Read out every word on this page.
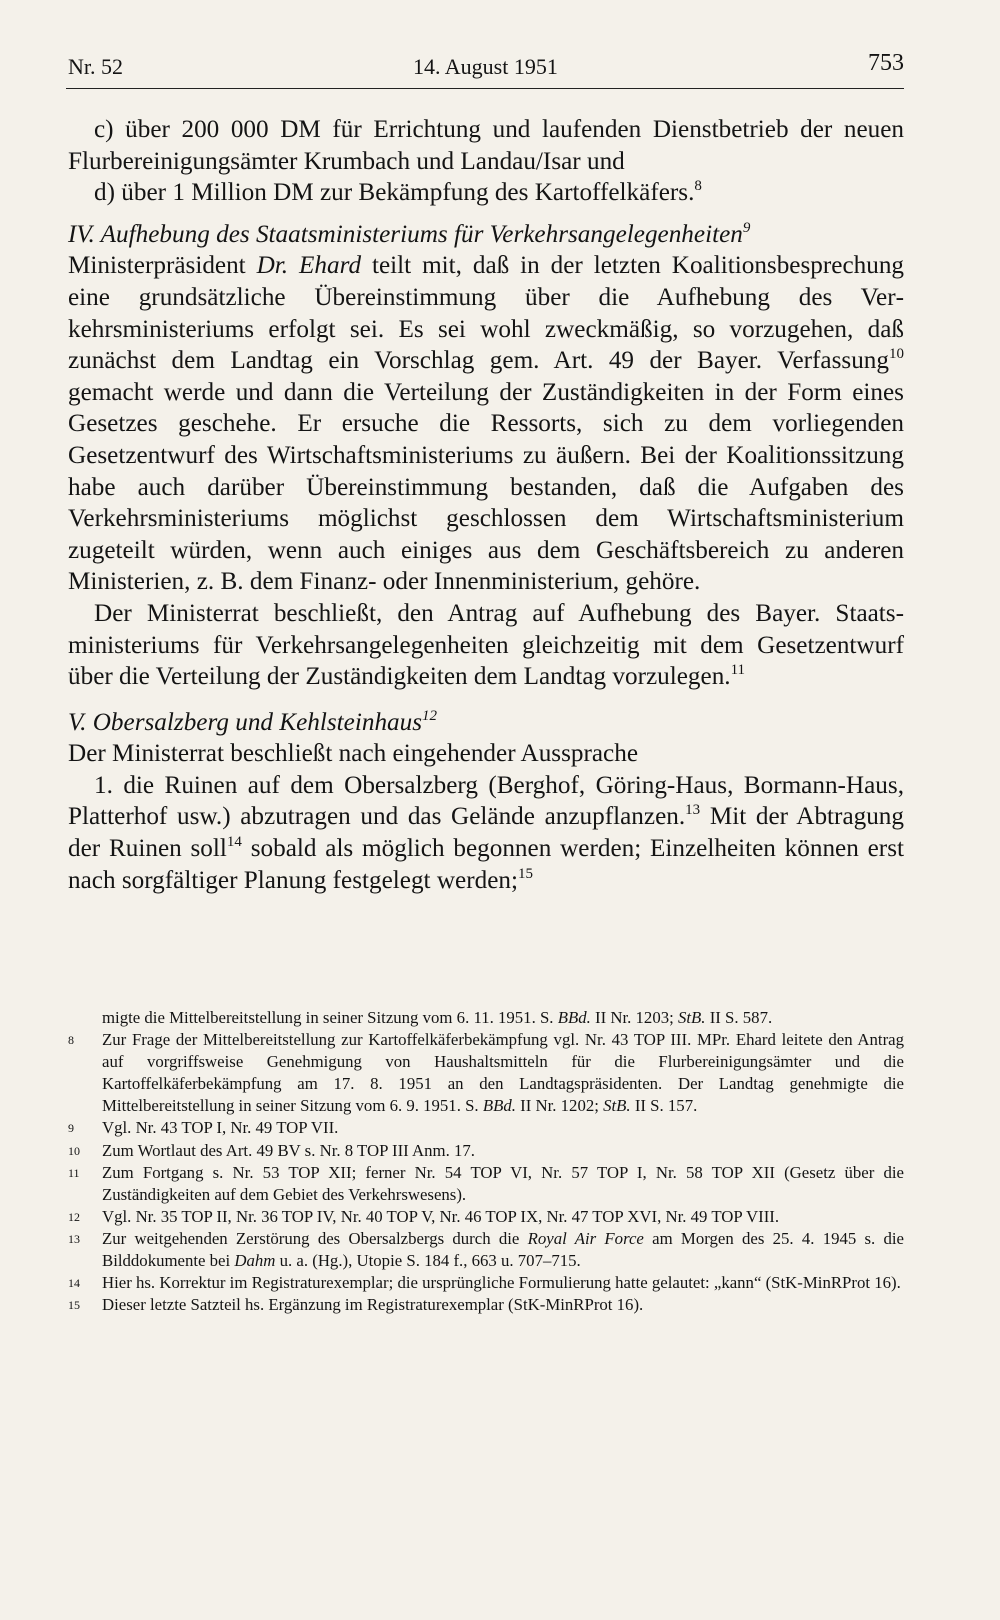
Nr. 52	14. August 1951	753

c) über 200 000 DM für Errichtung und laufenden Dienstbetrieb der neuen Flurbereinigungsämter Krumbach und Landau/Isar und

d) über 1 Million DM zur Bekämpfung des Kartoffelkäfers.$^8$

IV. Aufhebung des Staatsministeriums für Verkehrsangelegenheiten$^9$

Ministerpräsident Dr. Ehard teilt mit, daß in der letzten Koalitionsbesprechung eine grundsätzliche Übereinstimmung über die Aufhebung des Verkehrsministeriums erfolgt sei. Es sei wohl zweckmäßig, so vorzugehen, daß zunächst dem Landtag ein Vorschlag gem. Art. 49 der Bayer. Verfassung$^{10}$ gemacht werde und dann die Verteilung der Zuständigkeiten in der Form eines Gesetzes geschehe. Er ersuche die Ressorts, sich zu dem vorliegenden Gesetzentwurf des Wirtschaftsministeriums zu äußern. Bei der Koalitionssitzung habe auch darüber Übereinstimmung bestanden, daß die Aufgaben des Verkehrsministeriums möglichst geschlossen dem Wirtschaftsministerium zugeteilt würden, wenn auch einiges aus dem Geschäftsbereich zu anderen Ministerien, z. B. dem Finanz- oder Innenministerium, gehöre.

Der Ministerrat beschließt, den Antrag auf Aufhebung des Bayer. Staatsministeriums für Verkehrsangelegenheiten gleichzeitig mit dem Gesetzentwurf über die Verteilung der Zuständigkeiten dem Landtag vorzulegen.$^{11}$

V. Obersalzberg und Kehlsteinhaus$^{12}$

Der Ministerrat beschließt nach eingehender Aussprache

1. die Ruinen auf dem Obersalzberg (Berghof, Göring-Haus, Bormann-Haus, Platterhof usw.) abzutragen und das Gelände anzupflanzen.$^{13}$ Mit der Abtragung der Ruinen soll$^{14}$ sobald als möglich begonnen werden; Einzelheiten können erst nach sorgfältiger Planung festgelegt werden;$^{15}$

migte die Mittelbereitstellung in seiner Sitzung vom 6. 11. 1951. S. BBd. II Nr. 1203; StB. II S. 587.

8	Zur Frage der Mittelbereitstellung zur Kartoffelkäferbekämpfung vgl. Nr. 43 TOP III. MPr. Ehard leitete den Antrag auf vorgriffsweise Genehmigung von Haushaltsmitteln für die Flurbereinigungsämter und die Kartoffelkäferbekämpfung am 17. 8. 1951 an den Landtagspräsidenten. Der Landtag genehmigte die Mittelbereitstellung in seiner Sitzung vom 6. 9. 1951. S. BBd. II Nr. 1202; StB. II S. 157.

9	Vgl. Nr. 43 TOP I, Nr. 49 TOP VII.

10	Zum Wortlaut des Art. 49 BV s. Nr. 8 TOP III Anm. 17.

11	Zum Fortgang s. Nr. 53 TOP XII; ferner Nr. 54 TOP VI, Nr. 57 TOP I, Nr. 58 TOP XII (Gesetz über die Zuständigkeiten auf dem Gebiet des Verkehrswesens).

12	Vgl. Nr. 35 TOP II, Nr. 36 TOP IV, Nr. 40 TOP V, Nr. 46 TOP IX, Nr. 47 TOP XVI, Nr. 49 TOP VIII.

13	Zur weitgehenden Zerstörung des Obersalzbergs durch die Royal Air Force am Morgen des 25. 4. 1945 s. die Bilddokumente bei Dahm u. a. (Hg.), Utopie S. 184 f., 663 u. 707–715.

14	Hier hs. Korrektur im Registraturexemplar; die ursprüngliche Formulierung hatte gelautet: „kann“ (StK-MinRProt 16).

15	Dieser letzte Satzteil hs. Ergänzung im Registraturexemplar (StK-MinRProt 16).
